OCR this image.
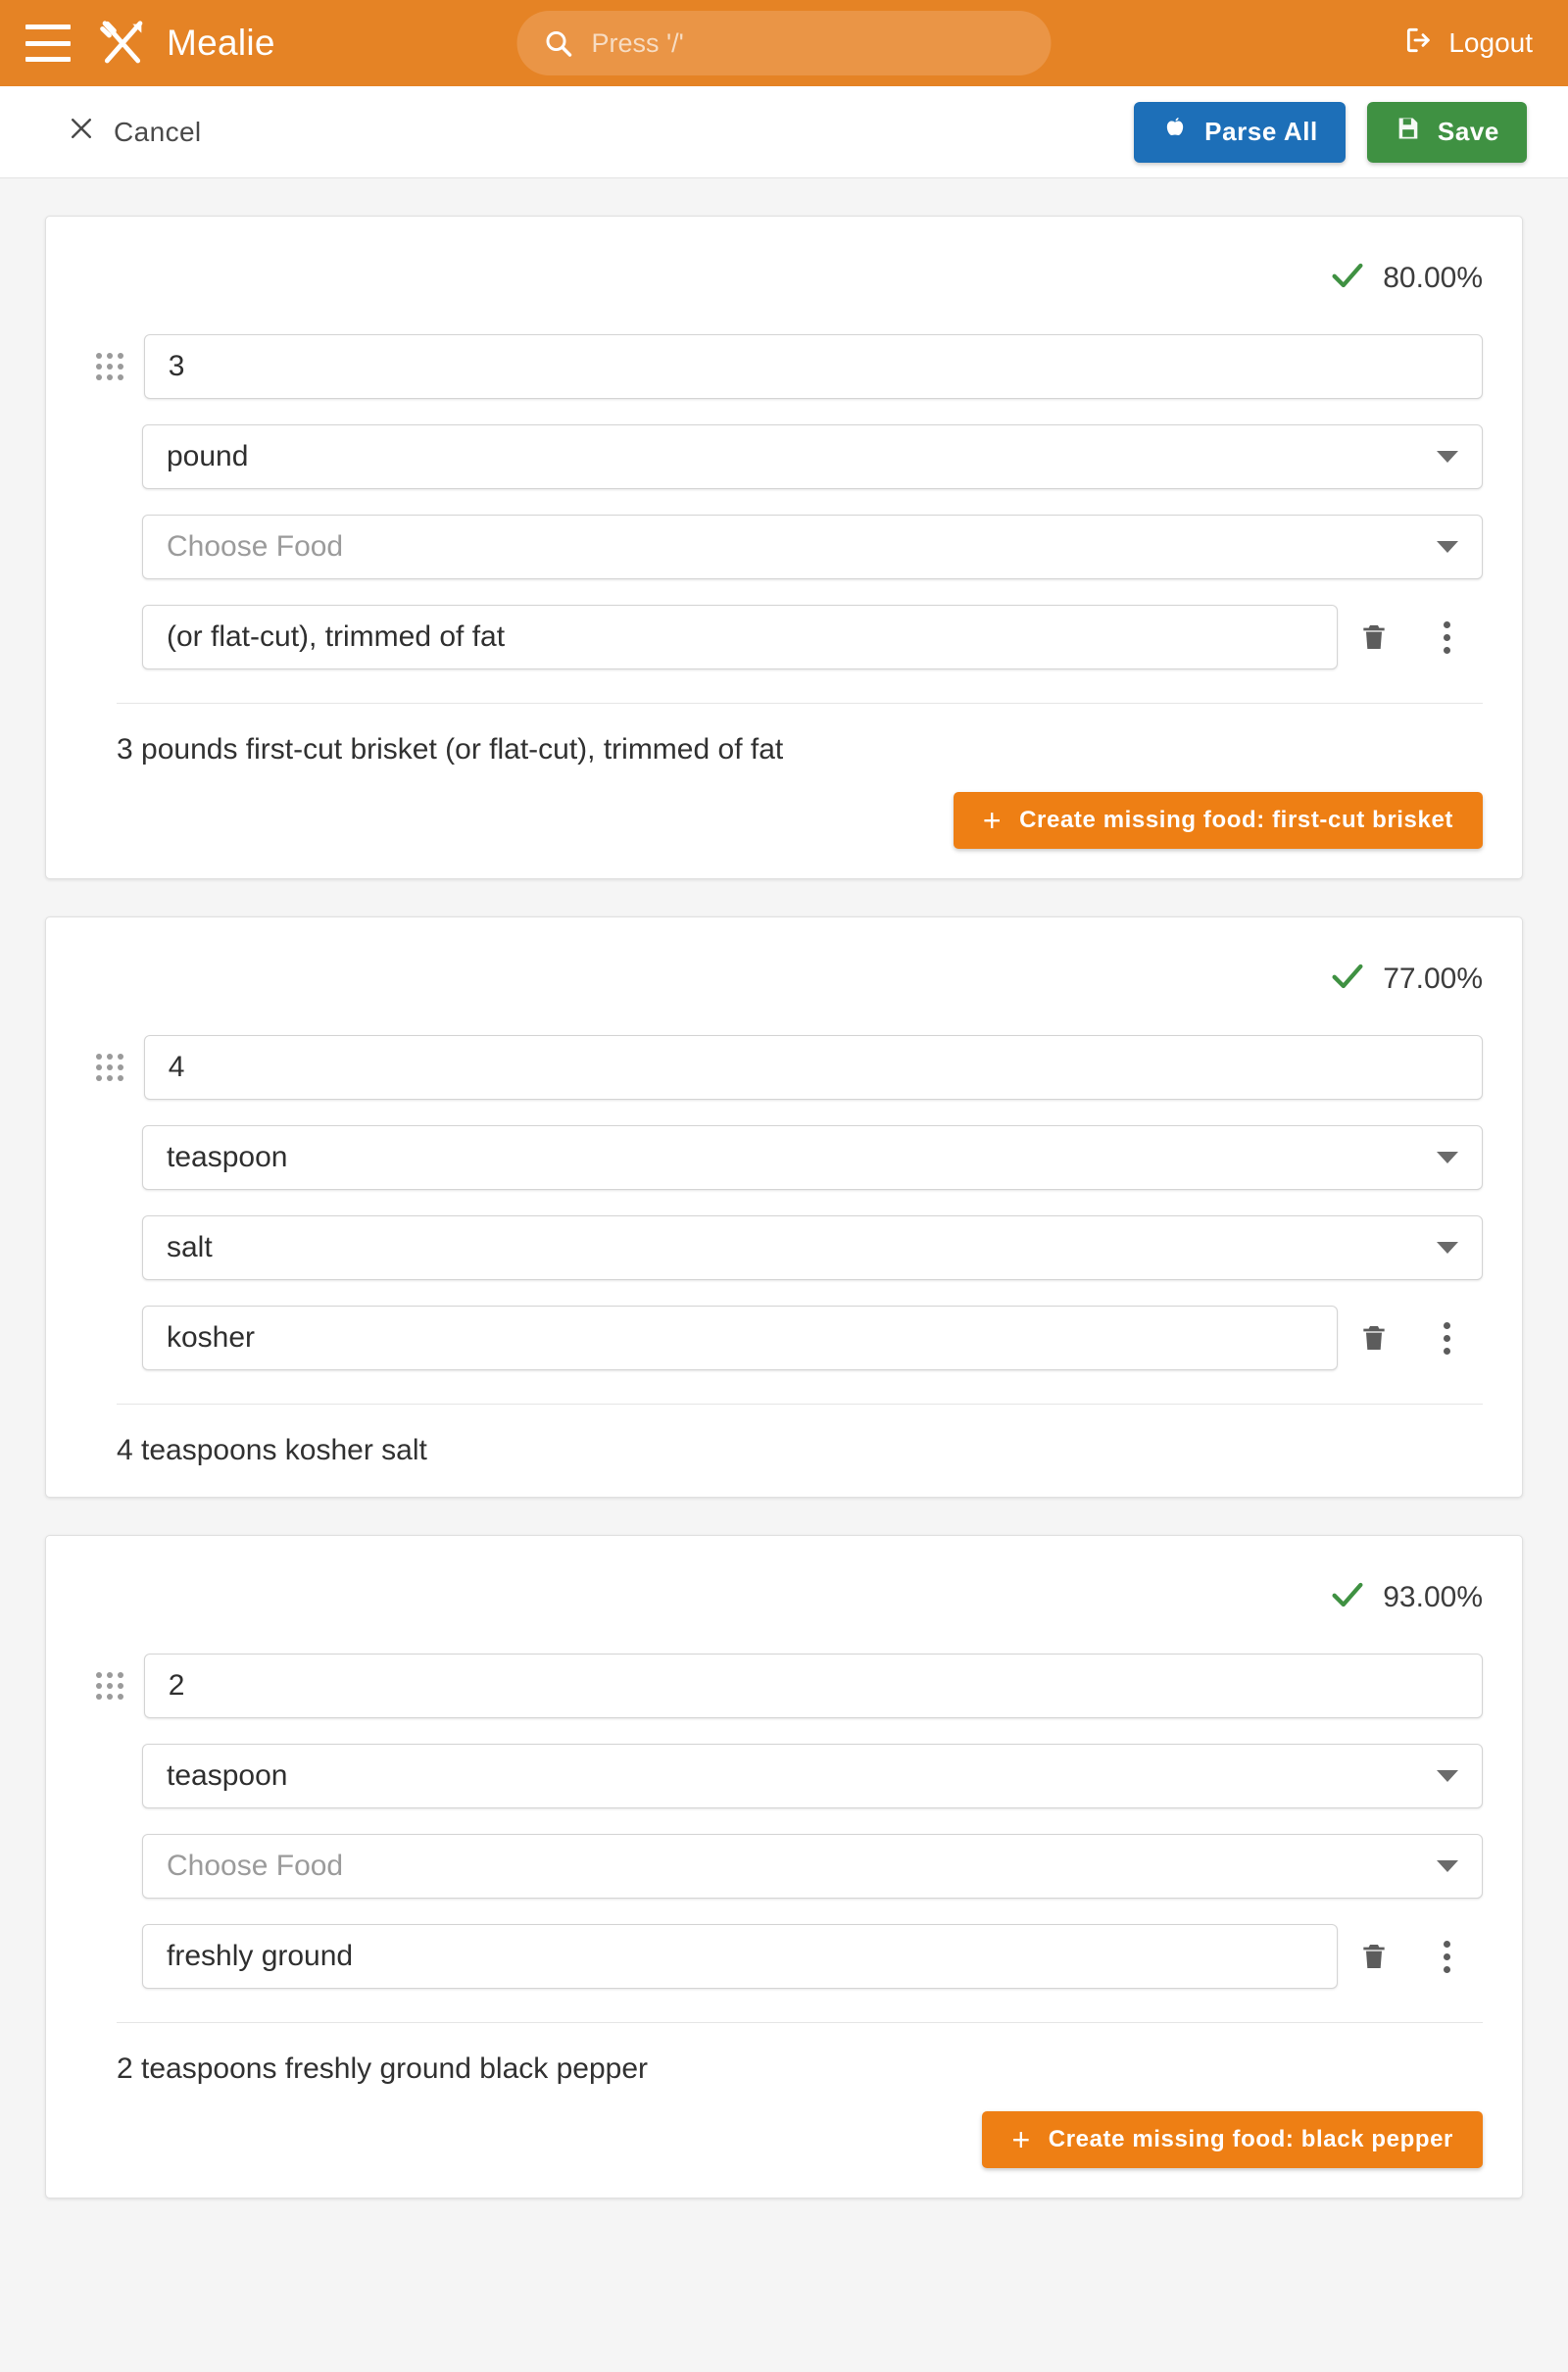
Mealie
Press '/'	Logout
Cancel	Parse All	Save
80.00%
3
pound
Choose Food
(or flat-cut), trimmed of fat
3 pounds first-cut brisket (or flat-cut), trimmed of fat
+ Create missing food: first-cut brisket
77.00%
4
teaspoon
salt
kosher
4 teaspoons kosher salt
93.00%
2
teaspoon
Choose Food
freshly ground
2 teaspoons freshly ground black pepper
+ Create missing food: black pepper
